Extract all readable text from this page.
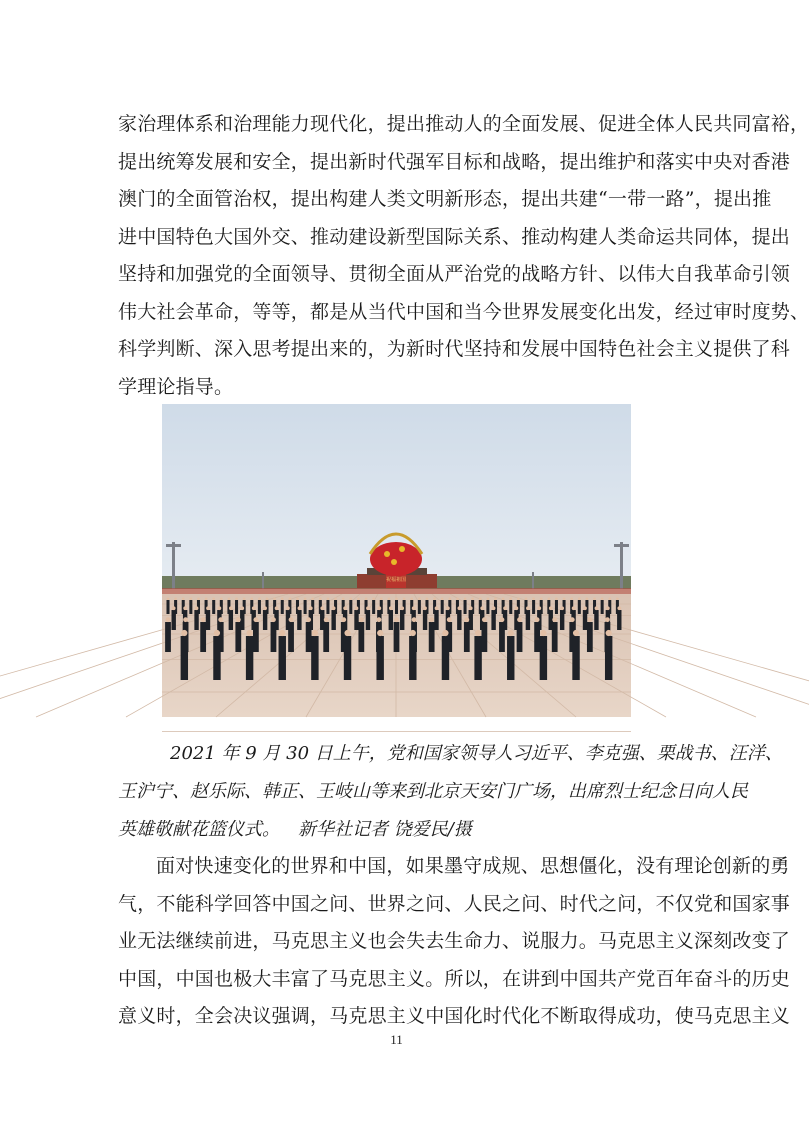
家治理体系和治理能力现代化，提出推动人的全面发展、促进全体人民共同富裕，
提出统筹发展和安全，提出新时代强军目标和战略，提出维护和落实中央对香港
澳门的全面管治权，提出构建人类文明新形态，提出共建“一带一路”，提出推
进中国特色大国外交、推动建设新型国际关系、推动构建人类命运共同体，提出
坚持和加强党的全面领导、贯彻全面从严治党的战略方针、以伟大自我革命引领
伟大社会革命，等等，都是从当代中国和当今世界发展变化出发，经过审时度势、
科学判断、深入思考提出来的，为新时代坚持和发展中国特色社会主义提供了科
学理论指导。
祝福祖国
2021 年 9 月 30 日上午，党和国家领导人习近平、李克强、栗战书、汪洋、
王沪宁、赵乐际、韩正、王岐山等来到北京天安门广场，出席烈士纪念日向人民
英雄敬献花篮仪式。 新华社记者 饶爱民/摄
面对快速变化的世界和中国，如果墨守成规、思想僵化，没有理论创新的勇
气，不能科学回答中国之问、世界之问、人民之问、时代之问，不仅党和国家事
业无法继续前进，马克思主义也会失去生命力、说服力。马克思主义深刻改变了
中国，中国也极大丰富了马克思主义。所以，在讲到中国共产党百年奋斗的历史
意义时，全会决议强调，马克思主义中国化时代化不断取得成功，使马克思主义
11
